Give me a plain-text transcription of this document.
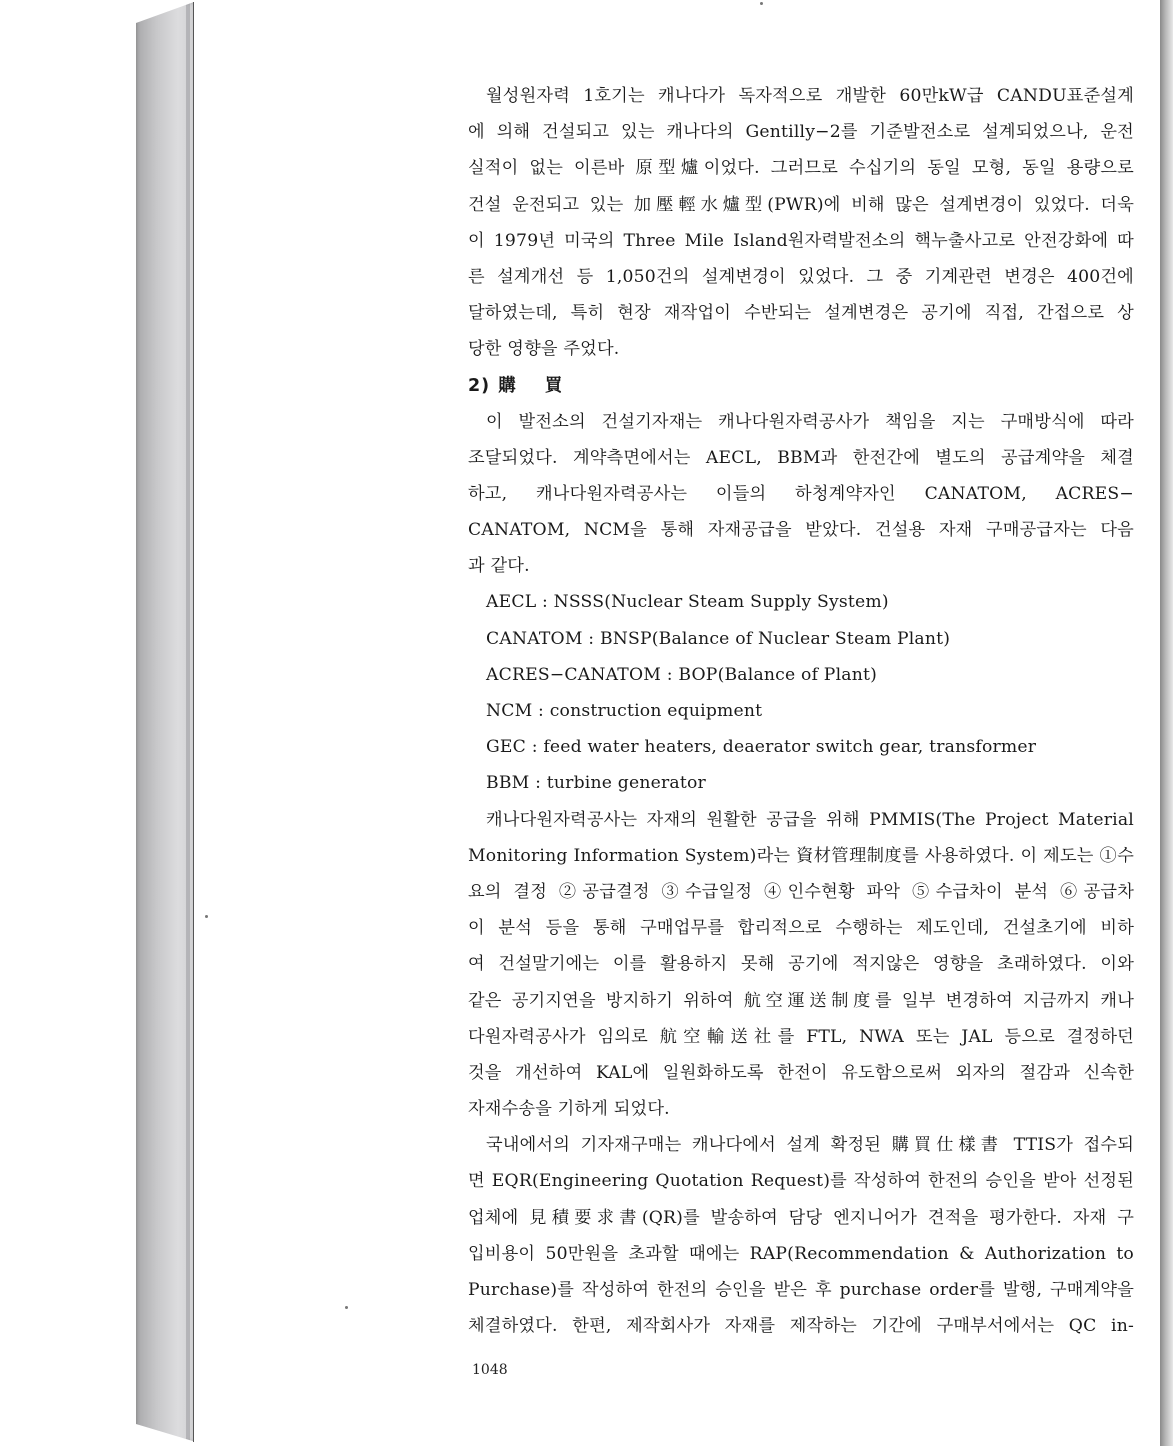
월성원자력 1호기는 캐나다가 독자적으로 개발한 60만kW급 CANDU표준설계
에 의해 건설되고 있는 캐나다의 Gentilly−2를 기준발전소로 설계되었으나, 운전
실적이 없는 이른바 原型爐이었다. 그러므로 수십기의 동일 모형, 동일 용량으로
건설 운전되고 있는 加壓輕水爐型(PWR)에 비해 많은 설계변경이 있었다. 더욱
이 1979년 미국의 Three Mile Island원자력발전소의 핵누출사고로 안전강화에 따
른 설계개선 등 1,050건의 설계변경이 있었다. 그 중 기계관련 변경은 400건에
달하였는데, 특히 현장 재작업이 수반되는 설계변경은 공기에 직접, 간접으로 상
당한 영향을 주었다.
2) 購 買
이 발전소의 건설기자재는 캐나다원자력공사가 책임을 지는 구매방식에 따라
조달되었다. 계약측면에서는 AECL, BBM과 한전간에 별도의 공급계약을 체결
하고, 캐나다원자력공사는 이들의 하청계약자인 CANATOM, ACRES−
CANATOM, NCM을 통해 자재공급을 받았다. 건설용 자재 구매공급자는 다음
과 같다.
AECL : NSSS(Nuclear Steam Supply System)
CANATOM : BNSP(Balance of Nuclear Steam Plant)
ACRES−CANATOM : BOP(Balance of Plant)
NCM : construction equipment
GEC : feed water heaters, deaerator switch gear, transformer
BBM : turbine generator
캐나다원자력공사는 자재의 원활한 공급을 위해 PMMIS(The Project Material
Monitoring Information System)라는 資材管理制度를 사용하였다. 이 제도는 ①수
요의 결정 ②공급결정 ③수급일정 ④인수현황 파악 ⑤수급차이 분석 ⑥공급차
이 분석 등을 통해 구매업무를 합리적으로 수행하는 제도인데, 건설초기에 비하
여 건설말기에는 이를 활용하지 못해 공기에 적지않은 영향을 초래하였다. 이와
같은 공기지연을 방지하기 위하여 航空運送制度를 일부 변경하여 지금까지 캐나
다원자력공사가 임의로 航空輸送社를 FTL, NWA 또는 JAL 등으로 결정하던
것을 개선하여 KAL에 일원화하도록 한전이 유도함으로써 외자의 절감과 신속한
자재수송을 기하게 되었다.
국내에서의 기자재구매는 캐나다에서 설계 확정된 購買仕樣書 TTIS가 접수되
면 EQR(Engineering Quotation Request)를 작성하여 한전의 승인을 받아 선정된
업체에 見積要求書(QR)를 발송하여 담당 엔지니어가 견적을 평가한다. 자재 구
입비용이 50만원을 초과할 때에는 RAP(Recommendation & Authorization to
Purchase)를 작성하여 한전의 승인을 받은 후 purchase order를 발행, 구매계약을
체결하였다. 한편, 제작회사가 자재를 제작하는 기간에 구매부서에서는 QC in-
1048
